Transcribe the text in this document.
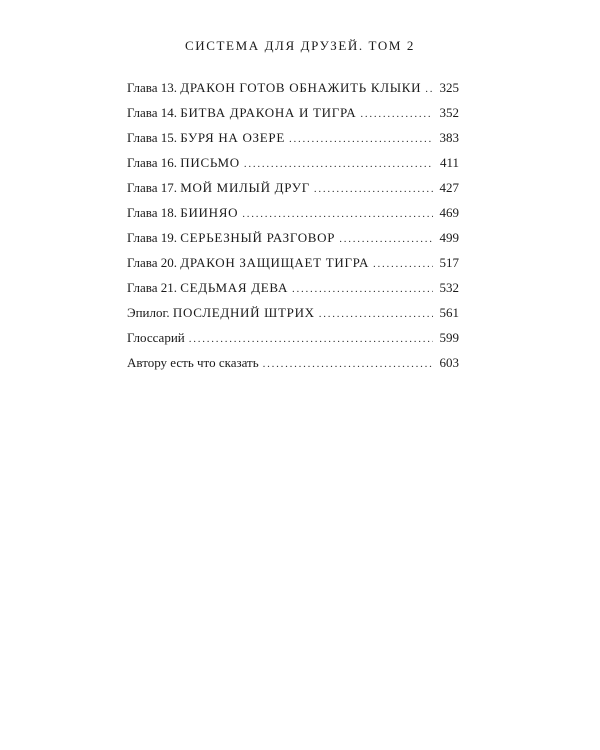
СИСТЕМА ДЛЯ ДРУЗЕЙ. ТОМ 2
Глава 13. ДРАКОН ГОТОВ ОБНАЖИТЬ КЛЫКИ . . . 325
Глава 14. БИТВА ДРАКОНА И ТИГРА . . .	352
Глава 15. БУРЯ НА ОЗЕРЕ . . .	383
Глава 16. ПИСЬМО . . .	411
Глава 17. МОЙ МИЛЫЙ ДРУГ . . .	427
Глава 18. БИИНЯО . . .	469
Глава 19. СЕРЬЕЗНЫЙ РАЗГОВОР . . .	499
Глава 20. ДРАКОН ЗАЩИЩАЕТ ТИГРА . . .	517
Глава 21. СЕДЬМАЯ ДЕВА . . .	532
Эпилог. ПОСЛЕДНИЙ ШТРИХ . . .	561
Глоссарий . . .	599
Автору есть что сказать . . .	603
